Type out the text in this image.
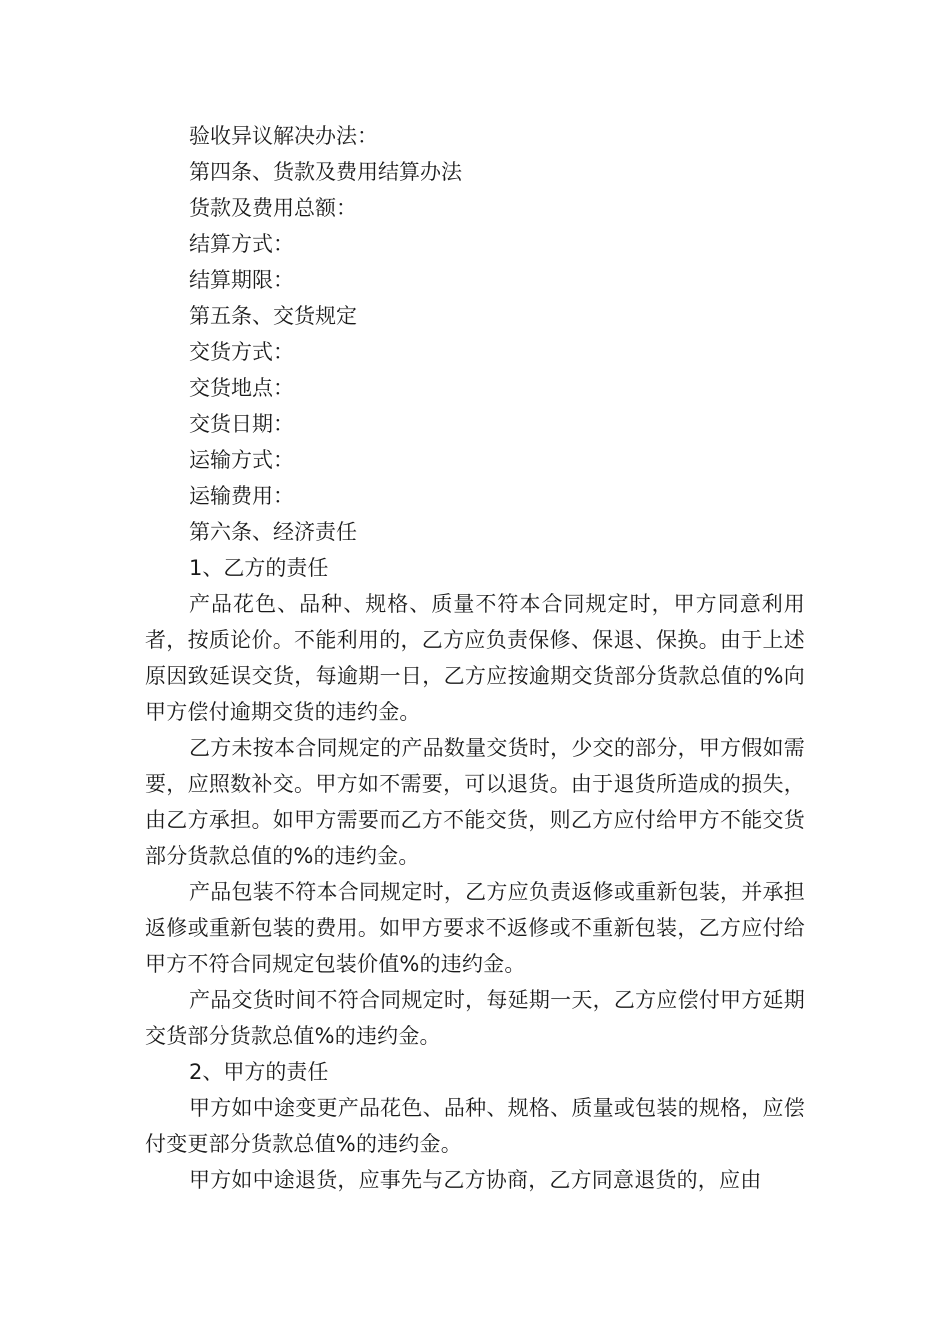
验收异议解决办法：
第四条、货款及费用结算办法
货款及费用总额：
结算方式：
结算期限：
第五条、交货规定
交货方式：
交货地点：
交货日期：
运输方式：
运输费用：
第六条、经济责任
1、乙方的责任
产品花色、品种、规格、质量不符本合同规定时，甲方同意利用者，按质论价。不能利用的，乙方应负责保修、保退、保换。由于上述原因致延误交货，每逾期一日，乙方应按逾期交货部分货款总值的%向甲方偿付逾期交货的违约金。
乙方未按本合同规定的产品数量交货时，少交的部分，甲方假如需要，应照数补交。甲方如不需要，可以退货。由于退货所造成的损失，由乙方承担。如甲方需要而乙方不能交货，则乙方应付给甲方不能交货部分货款总值的%的违约金。
产品包装不符本合同规定时，乙方应负责返修或重新包装，并承担返修或重新包装的费用。如甲方要求不返修或不重新包装，乙方应付给甲方不符合同规定包装价值%的违约金。
产品交货时间不符合同规定时，每延期一天，乙方应偿付甲方延期交货部分货款总值%的违约金。
2、甲方的责任
甲方如中途变更产品花色、品种、规格、质量或包装的规格，应偿付变更部分货款总值%的违约金。
甲方如中途退货，应事先与乙方协商，乙方同意退货的，应由
